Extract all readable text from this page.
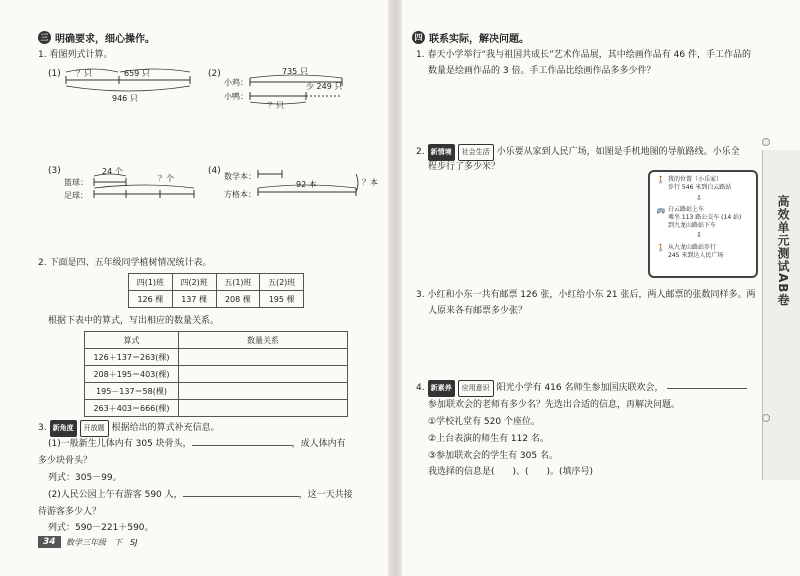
三 明确要求，细心操作。
1. 看图列式计算。
(1) ？只	659 只
946 只
(2)
小鸡：
小鸭：
735 只
少 249 只
？只
(3)
篮球：
足球：
24 个
？个
(4)
数学本：
方格本：
92 本	？本
2. 下面是四、五年级同学植树情况统计表。
四(1)班	四(2)班	五(1)班	五(2)班
126 棵	137 棵	208 棵	195 棵
根据下表中的算式，写出相应的数量关系。
算式	数量关系
126＋137＝263(棵)	
208＋195＝403(棵)	
195－137＝58(棵)	
263＋403＝666(棵)	
3. 新角度	开放题 根据给出的算式补充信息。
(1)一般新生儿体内有 305 块骨头，	，成人体内有
多少块骨头？
列式：305－99。
(2)人民公园上午有游客 590 人，	，这一天共接
待游客多少人？
列式：590－221＋590。
34	数学三年级　下　SJ
四 联系实际，解决问题。
1. 春天小学举行“我与祖国共成长”艺术作品展，其中绘画作品有 46 件，手工作品的
数量是绘画作品的 3 倍。手工作品比绘画作品多多少件？
2. 新情境	社会生活 小乐要从家到人民广场，如图是手机地图的导航路线。小乐全
程步行了多少米？
🚶 我的位置（小乐家）
步行 546 米到白云路站
⇩
🚌 白云路站上车
乘坐 113 路公交车 (14 站)
到九龙山路站下车
⇩
🚶 从九龙山路站步行
245 米到达人民广场
3. 小红和小东一共有邮票 126 张，小红给小东 21 张后，两人邮票的张数同样多。两
人原来各有邮票多少张？
4. 新素养	应用意识 阳光小学有 416 名师生参加国庆联欢会，
参加联欢会的老师有多少名？先选出合适的信息，再解决问题。
①学校礼堂有 520 个座位。
②上台表演的师生有 112 名。
③参加联欢会的学生有 305 名。
我选择的信息是(　　)、(　　)。(填序号)
高效单元测试AB卷
